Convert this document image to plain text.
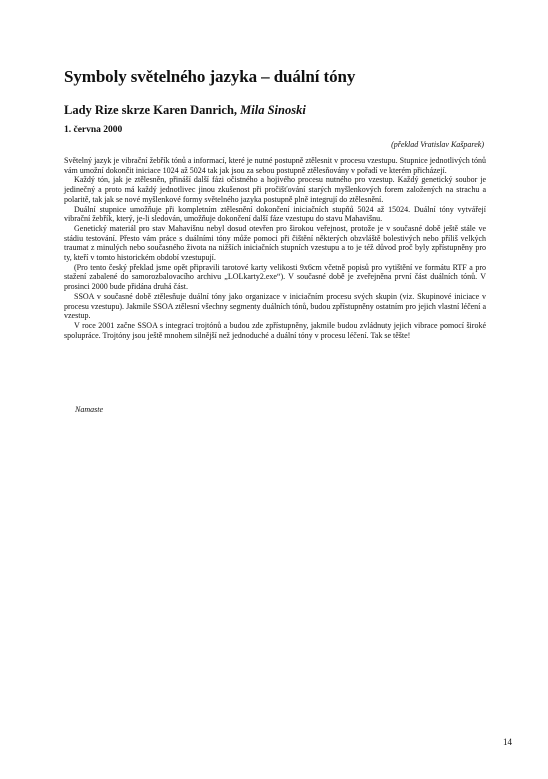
Symboly světelného jazyka – duální tóny

Lady Rize skrze Karen Danrich, Mila Sinoski

1. června 2000

(překlad Vratislav Kašparek)

Světelný jazyk je vibrační žebřík tónů a informací, které je nutné postupně ztělesnit v procesu vzestupu. Stupnice jednotlivých tónů vám umožní dokončit iniciace 1024 až 5024 tak jak jsou za sebou postupně ztělesňovány v pořadí ve kterém přicházejí.

Každý tón, jak je ztělesněn, přináší další fázi očistného a hojivého procesu nutného pro vzestup. Každý genetický soubor je jedinečný a proto má každý jednotlivec jinou zkušenost při pročišťování starých myšlenkových forem založených na strachu a polaritě, tak jak se nové myšlenkové formy světelného jazyka postupně plně integrují do ztělesnění.

Duální stupnice umožňuje při kompletním ztělesnění dokončení iniciačních stupňů 5024 až 15024. Duální tóny vytvářejí vibrační žebřík, který, je-li sledován, umožňuje dokončení další fáze vzestupu do stavu Mahavišnu.

Genetický materiál pro stav Mahavišnu nebyl dosud otevřen pro širokou veřejnost, protože je v současné době ještě stále ve stádiu testování. Přesto vám práce s duálními tóny může pomoci při čištění některých obzvláště bolestivých nebo příliš velkých traumat z minulých nebo současného života na nižších iniciačních stupních vzestupu a to je též důvod proč byly zpřístupněny pro ty, kteří v tomto historickém období vzestupují.

(Pro tento český překlad jsme opět připravili tarotové karty velikosti 9x6cm včetně popisů pro vytištění ve formátu RTF a pro stažení zabalené do samorozbalovacího archivu „LOLkarty2.exe“). V současné době je zveřejněna první část duálních tónů. V prosinci 2000 bude přidána druhá část.

SSOA v současné době ztělesňuje duální tóny jako organizace v iniciačním procesu svých skupin (viz. Skupinové iniciace v procesu vzestupu). Jakmile SSOA ztělesní všechny segmenty duálních tónů, budou zpřístupněny ostatním pro jejich vlastní léčení a vzestup.

V roce 2001 začne SSOA s integrací trojtónů a budou zde zpřístupněny, jakmile budou zvládnuty jejich vibrace pomocí široké spolupráce. Trojtóny jsou ještě mnohem silnější než jednoduché a duální tóny v procesu léčení. Tak se těšte!

Namaste

14
